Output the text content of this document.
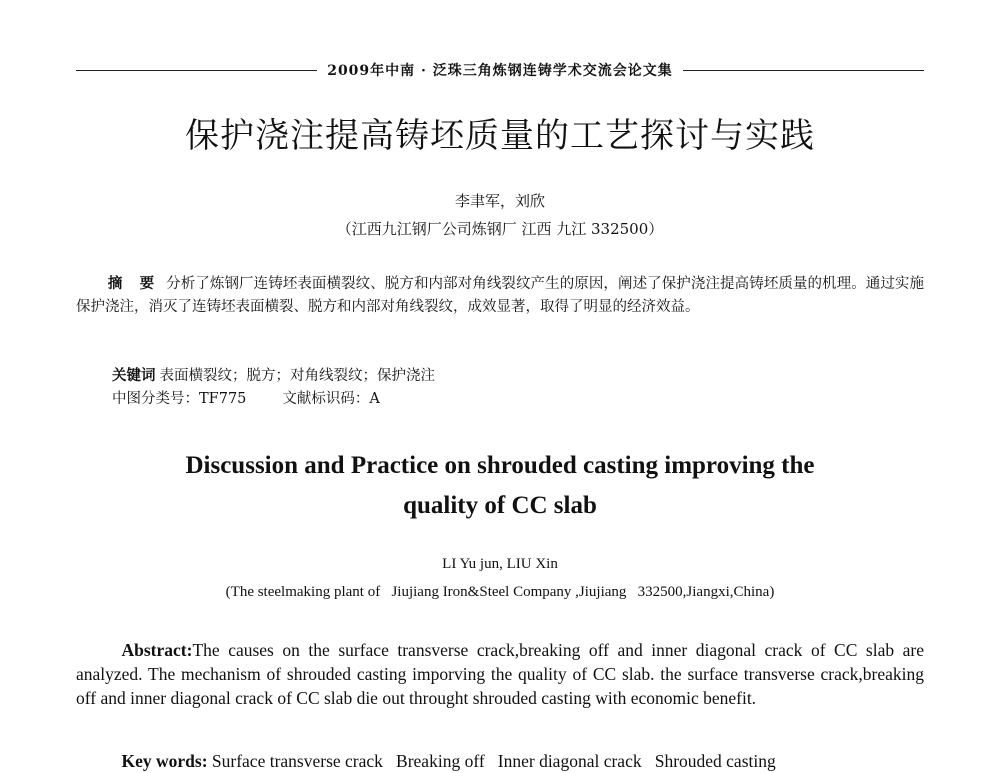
2009年中南 · 泛珠三角炼钢连铸学术交流会论文集
保护浇注提高铸坯质量的工艺探讨与实践
李聿军，刘欣
（江西九江钢厂公司炼钢厂 江西 九江 332500）
摘 要 分析了炼钢厂连铸坯表面横裂纹、脱方和内部对角线裂纹产生的原因，阐述了保护浇注提高铸坯质量的机理。通过实施保护浇注，消灭了连铸坯表面横裂、脱方和内部对角线裂纹，成效显著，取得了明显的经济效益。
关键词 表面横裂纹；脱方；对角线裂纹；保护浇注
中图分类号：TF775 文献标识码：A
Discussion and Practice on shrouded casting improving the
quality of CC slab
LI Yu jun, LIU Xin
(The steelmaking plant of   Jiujiang Iron&Steel Company ,Jiujiang   332500,Jiangxi,China)
Abstract:The causes on the surface transverse crack,breaking off and inner diagonal crack of CC slab are analyzed. The mechanism of shrouded casting imporving the quality of CC slab. the surface transverse crack,breaking off and inner diagonal crack of CC slab die out throught shrouded casting with economic benefit.
Key words: Surface transverse crack   Breaking off   Inner diagonal crack   Shrouded casting
